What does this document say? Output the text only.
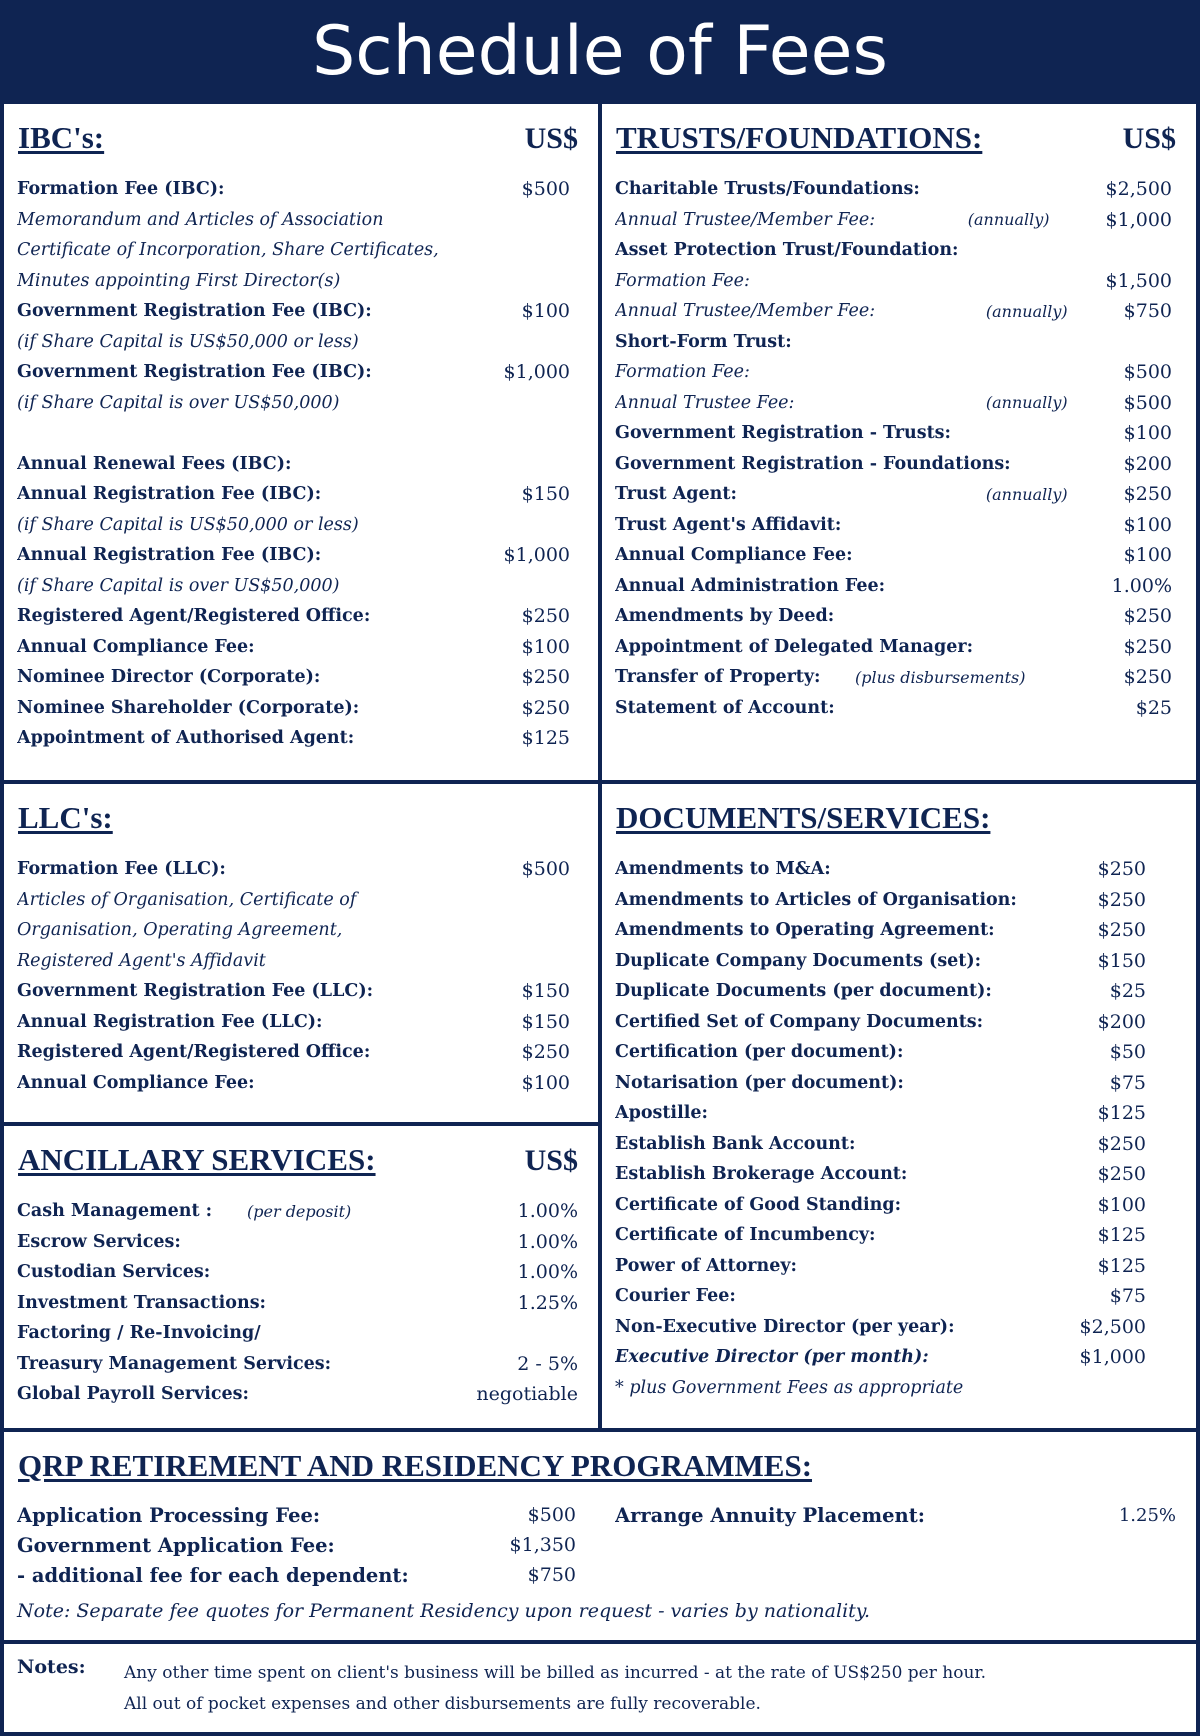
Schedule of Fees
IBC's:	US$
Formation Fee (IBC):	$500
Memorandum and Articles of Association
Certificate of Incorporation, Share Certificates,
Minutes appointing First Director(s)
Government Registration Fee (IBC):	$100
(if Share Capital is US$50,000 or less)
Government Registration Fee (IBC):	$1,000
(if Share Capital is over US$50,000)
Annual Renewal Fees (IBC):
Annual Registration Fee (IBC):	$150
(if Share Capital is US$50,000 or less)
Annual Registration Fee (IBC):	$1,000
(if Share Capital is over US$50,000)
Registered Agent/Registered Office:	$250
Annual Compliance Fee:	$100
Nominee Director (Corporate):	$250
Nominee Shareholder (Corporate):	$250
Appointment of Authorised Agent:	$125
TRUSTS/FOUNDATIONS:	US$
Charitable Trusts/Foundations:	$2,500
Annual Trustee/Member Fee:	(annually)	$1,000
Asset Protection Trust/Foundation:
Formation Fee:	$1,500
Annual Trustee/Member Fee:	(annually)	$750
Short-Form Trust:
Formation Fee:	$500
Annual Trustee Fee:	(annually)	$500
Government Registration - Trusts:	$100
Government Registration - Foundations:	$200
Trust Agent:	(annually)	$250
Trust Agent's Affidavit:	$100
Annual Compliance Fee:	$100
Annual Administration Fee:	1.00%
Amendments by Deed:	$250
Appointment of Delegated Manager:	$250
Transfer of Property:	(plus disbursements)	$250
Statement of Account:	$25
LLC's:
Formation Fee (LLC):	$500
Articles of Organisation, Certificate of
Organisation, Operating Agreement,
Registered Agent's Affidavit
Government Registration Fee (LLC):	$150
Annual Registration Fee (LLC):	$150
Registered Agent/Registered Office:	$250
Annual Compliance Fee:	$100
DOCUMENTS/SERVICES:
Amendments to M&A:	$250
Amendments to Articles of Organisation:	$250
Amendments to Operating Agreement:	$250
Duplicate Company Documents (set):	$150
Duplicate Documents (per document):	$25
Certified Set of Company Documents:	$200
Certification (per document):	$50
Notarisation (per document):	$75
Apostille:	$125
Establish Bank Account:	$250
Establish Brokerage Account:	$250
Certificate of Good Standing:	$100
Certificate of Incumbency:	$125
Power of Attorney:	$125
Courier Fee:	$75
Non-Executive Director (per year):	$2,500
Executive Director (per month):	$1,000
* plus Government Fees as appropriate
ANCILLARY SERVICES:	US$
Cash Management :	(per deposit)	1.00%
Escrow Services:	1.00%
Custodian Services:	1.00%
Investment Transactions:	1.25%
Factoring / Re-Invoicing/
Treasury Management Services:	2 - 5%
Global Payroll Services:	negotiable
QRP RETIREMENT AND RESIDENCY PROGRAMMES:
Application Processing Fee:	$500
Government Application Fee:	$1,350
- additional fee for each dependent:	$750
Arrange Annuity Placement:	1.25%
Note: Separate fee quotes for Permanent Residency upon request - varies by nationality.
Notes: Any other time spent on client's business will be billed as incurred - at the rate of US$250 per hour.
All out of pocket expenses and other disbursements are fully recoverable.
